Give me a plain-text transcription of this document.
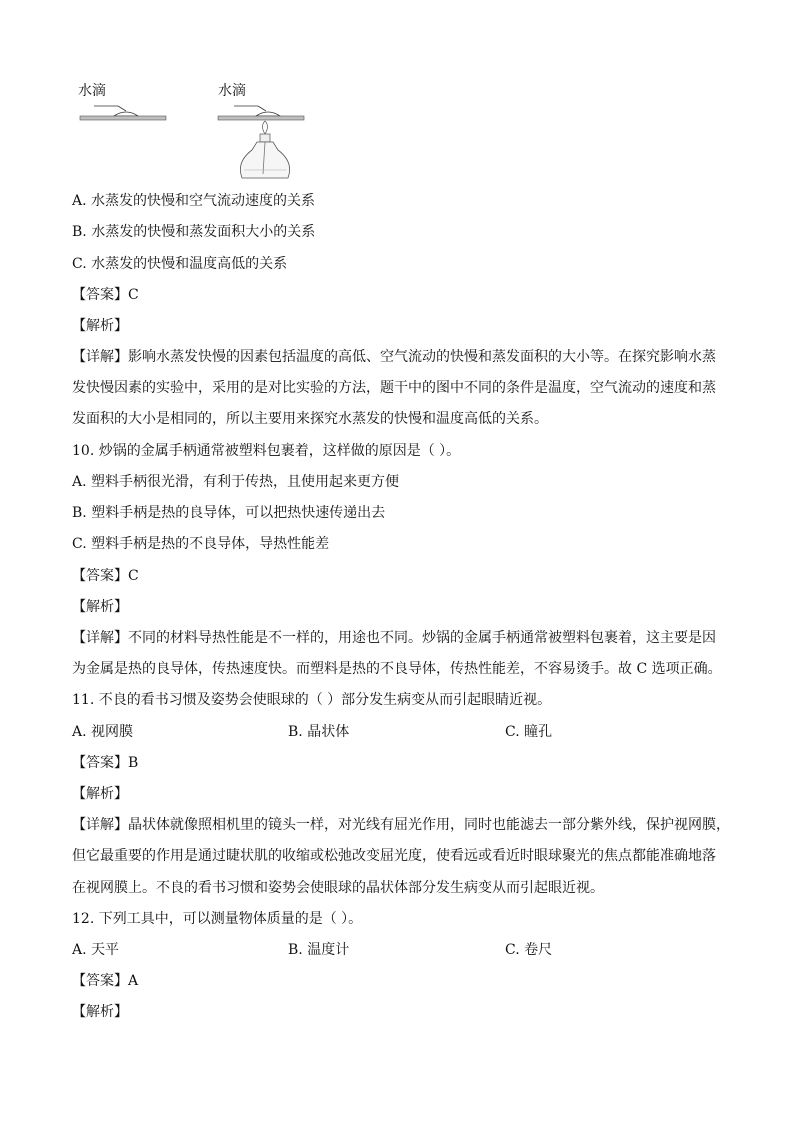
水滴	水滴
A. 水蒸发的快慢和空气流动速度的关系
B. 水蒸发的快慢和蒸发面积大小的关系
C. 水蒸发的快慢和温度高低的关系
【答案】C
【解析】
【详解】影响水蒸发快慢的因素包括温度的高低、空气流动的快慢和蒸发面积的大小等。在探究影响水蒸
发快慢因素的实验中，采用的是对比实验的方法，题干中的图中不同的条件是温度，空气流动的速度和蒸
发面积的大小是相同的，所以主要用来探究水蒸发的快慢和温度高低的关系。
10. 炒锅的金属手柄通常被塑料包裹着，这样做的原因是（ ）。
A. 塑料手柄很光滑，有利于传热，且使用起来更方便
B. 塑料手柄是热的良导体，可以把热快速传递出去
C. 塑料手柄是热的不良导体，导热性能差
【答案】C
【解析】
【详解】不同的材料导热性能是不一样的，用途也不同。炒锅的金属手柄通常被塑料包裹着，这主要是因
为金属是热的良导体，传热速度快。而塑料是热的不良导体，传热性能差，不容易烫手。故 C 选项正确。
11. 不良的看书习惯及姿势会使眼球的（ ）部分发生病变从而引起眼睛近视。
A. 视网膜	B. 晶状体	C. 瞳孔
【答案】B
【解析】
【详解】晶状体就像照相机里的镜头一样，对光线有屈光作用，同时也能滤去一部分紫外线，保护视网膜，
但它最重要的作用是通过睫状肌的收缩或松弛改变屈光度，使看远或看近时眼球聚光的焦点都能准确地落
在视网膜上。不良的看书习惯和姿势会使眼球的晶状体部分发生病变从而引起眼近视。
12. 下列工具中，可以测量物体质量的是（ ）。
A. 天平	B. 温度计	C. 卷尺
【答案】A
【解析】
